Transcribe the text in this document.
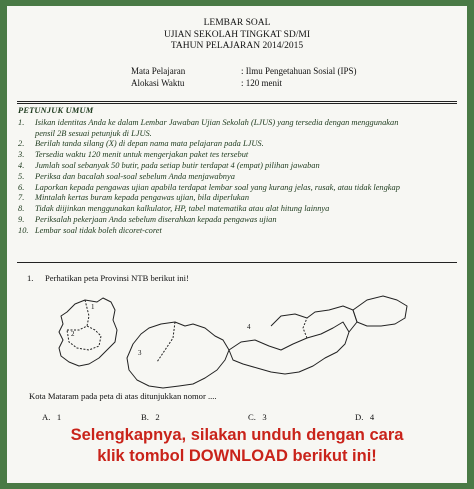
LEMBAR SOAL
UJIAN SEKOLAH TINGKAT SD/MI
TAHUN PELAJARAN 2014/2015
Mata Pelajaran	: Ilmu Pengetahuan Sosial (IPS)
Alokasi Waktu	: 120 menit
PETUNJUK UMUM
1.	Isikan identitas Anda ke dalam Lembar Jawaban Ujian Sekolah (LJUS) yang tersedia dengan menggunakan
pensil 2B sesuai petunjuk di LJUS.
2.	Berilah tanda silang (X) di depan nama mata pelajaran pada LJUS.
3.	Tersedia waktu 120 menit untuk mengerjakan paket tes tersebut
4.	Jumlah soal sebanyak 50 butir, pada setiap butir terdapat 4 (empat) pilihan jawaban
5.	Periksa dan bacalah soal-soal sebelum Anda menjawabnya
6.	Laporkan kepada pengawas ujian apabila terdapat lembar soal yang kurang jelas, rusak, atau tidak lengkap
7.	Mintalah kertas buram kepada pengawas ujian, bila diperlukan
8.	Tidak diijinkan menggunakan kalkulator, HP, tabel matematika atau alat hitung lainnya
9.	Periksalah pekerjaan Anda sebelum diserahkan kepada pengawas ujian
10. Lembar soal tidak boleh dicoret-coret
1. Perhatikan peta Provinsi NTB berikut ini!
1
2
3
4
Kota Mataram pada peta di atas ditunjukkan nomor ....
A. 1	B. 2	C. 3	D. 4
Selengkapnya, silakan unduh dengan cara
klik tombol DOWNLOAD berikut ini!
